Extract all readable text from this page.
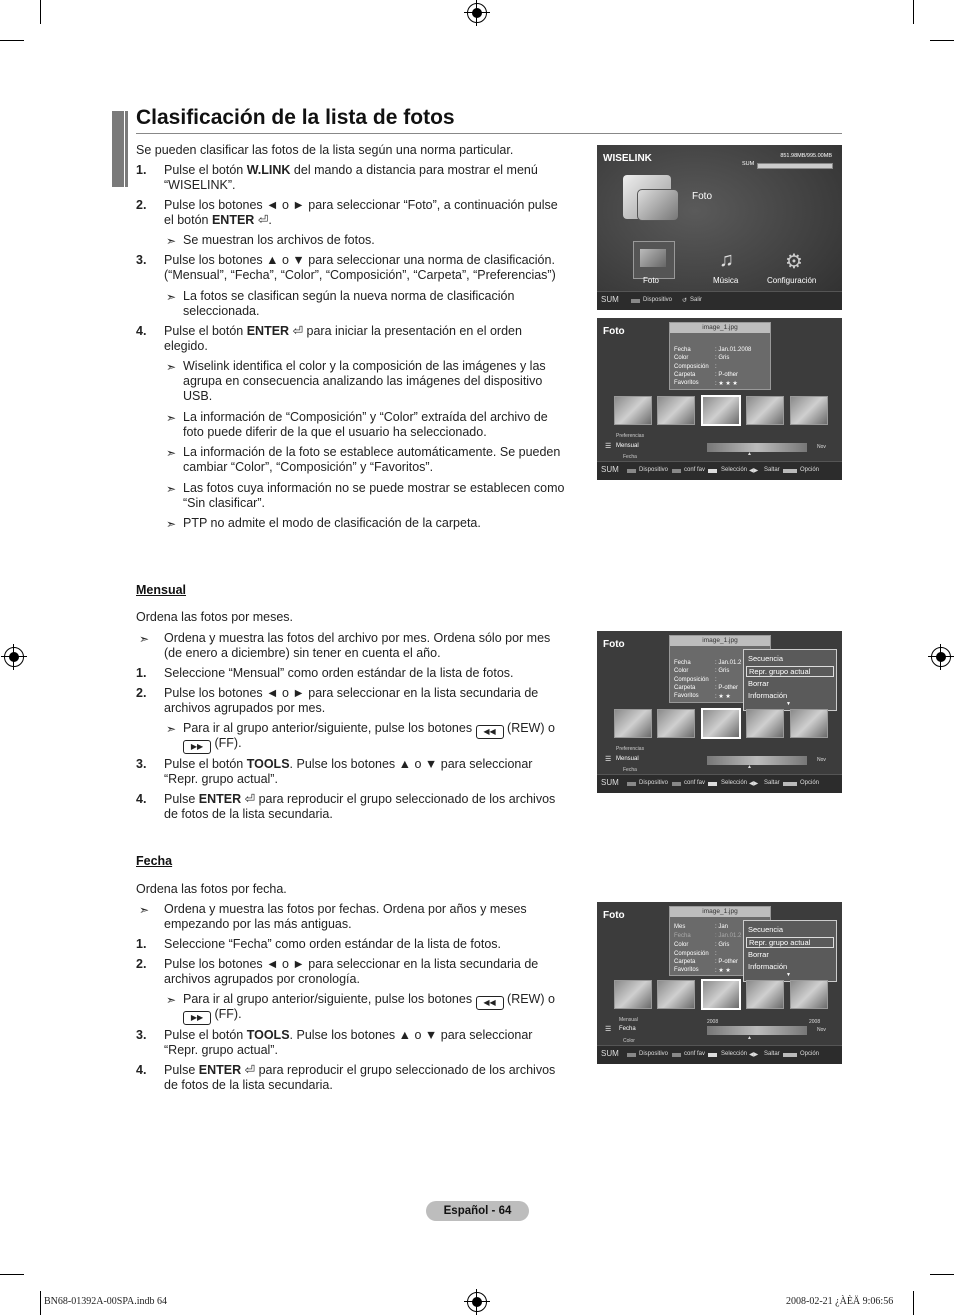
Clasificación de la lista de fotos
Se pueden clasificar las fotos de la lista según una norma particular.
1. Pulse el botón W.LINK del mando a distancia para mostrar el menú
“WISELINK”.
2. Pulse los botones ◄ o ► para seleccionar “Foto”, a continuación pulse
el botón ENTER ⏎.
➣ Se muestran los archivos de fotos.
3. Pulse los botones ▲ o ▼ para seleccionar una norma de clasificación.
(“Mensual”, “Fecha”, “Color”, “Composición”, “Carpeta”, “Preferencias”)
➣ La fotos se clasifican según la nueva norma de clasificación
seleccionada.
4. Pulse el botón ENTER ⏎ para iniciar la presentación en el orden
elegido.
➣ Wiselink identifica el color y la composición de las imágenes y las
agrupa en consecuencia analizando las imágenes del dispositivo
USB.
➣ La información de “Composición” y “Color” extraída del archivo de
foto puede diferir de la que el usuario ha seleccionado.
➣ La información de la foto se establece automáticamente. Se pueden
cambiar “Color”, “Composición” y “Favoritos”.
➣ Las fotos cuya información no se puede mostrar se establecen como
“Sin clasificar”.
➣ PTP no admite el modo de clasificación de la carpeta.
Mensual
Ordena las fotos por meses.
➣ Ordena y muestra las fotos del archivo por mes. Ordena sólo por mes
(de enero a diciembre) sin tener en cuenta el año.
1. Seleccione “Mensual” como orden estándar de la lista de fotos.
2. Pulse los botones ◄ o ► para seleccionar en la lista secundaria de
archivos agrupados por mes.
➣ Para ir al grupo anterior/siguiente, pulse los botones ◀◀ (REW) o
▶▶ (FF).
3. Pulse el botón TOOLS. Pulse los botones ▲ o ▼ para seleccionar
“Repr. grupo actual”.
4. Pulse ENTER ⏎ para reproducir el grupo seleccionado de los archivos
de fotos de la lista secundaria.
Fecha
Ordena las fotos por fecha.
➣ Ordena y muestra las fotos por fechas. Ordena por años y meses
empezando por las más antiguas.
1. Seleccione “Fecha” como orden estándar de la lista de fotos.
2. Pulse los botones ◄ o ► para seleccionar en la lista secundaria de
archivos agrupados por cronología.
➣ Para ir al grupo anterior/siguiente, pulse los botones ◀◀ (REW) o
▶▶ (FF).
3. Pulse el botón TOOLS. Pulse los botones ▲ o ▼ para seleccionar
“Repr. grupo actual”.
4. Pulse ENTER ⏎ para reproducir el grupo seleccionado de los archivos
de fotos de la lista secundaria.
WISELINK	851.98MB/995.00MB
SUM
Foto
♫	⚙
Foto	Música	Configuración
SUM	Dispositivo ↺ Salir
Foto	image_1.jpg
Fecha	: Jan.01.2008
Color	: Gris
Composición :
Carpeta	: P-other
Favoritos	: ★ ★ ★
Preferencias
☰ Mensual
Fecha
Nov
▲
SUM	Dispositivo	conf fav	Selección ◀▶ Saltar	Opción
Foto	image_1.jpg
Fecha	: Jan.01.2
Color	: Gris
Composición :
Carpeta	: P-other
Favoritos	: ★ ★
Secuencia
Repr. grupo actual
Borrar
Información
▼
Preferencias
☰ Mensual
Fecha
Nov
▲
SUM	Dispositivo	conf fav	Selección ◀▶ Saltar	Opción
Foto	image_1.jpg
Mes	: Jan
Fecha	: Jan.01.2
Color	: Gris
Composición :
Carpeta	: P-other
Favoritos	: ★ ★
Secuencia
Repr. grupo actual
Borrar
Información
▼
Mensual
☰ Fecha
Color
2008	2008
Nov
▲
SUM	Dispositivo	conf fav	Selección ◀▶ Saltar	Opción
Español - 64
BN68-01392A-00SPA.indb 64	2008-02-21 ¿ÀÈÄ 9:06:56
